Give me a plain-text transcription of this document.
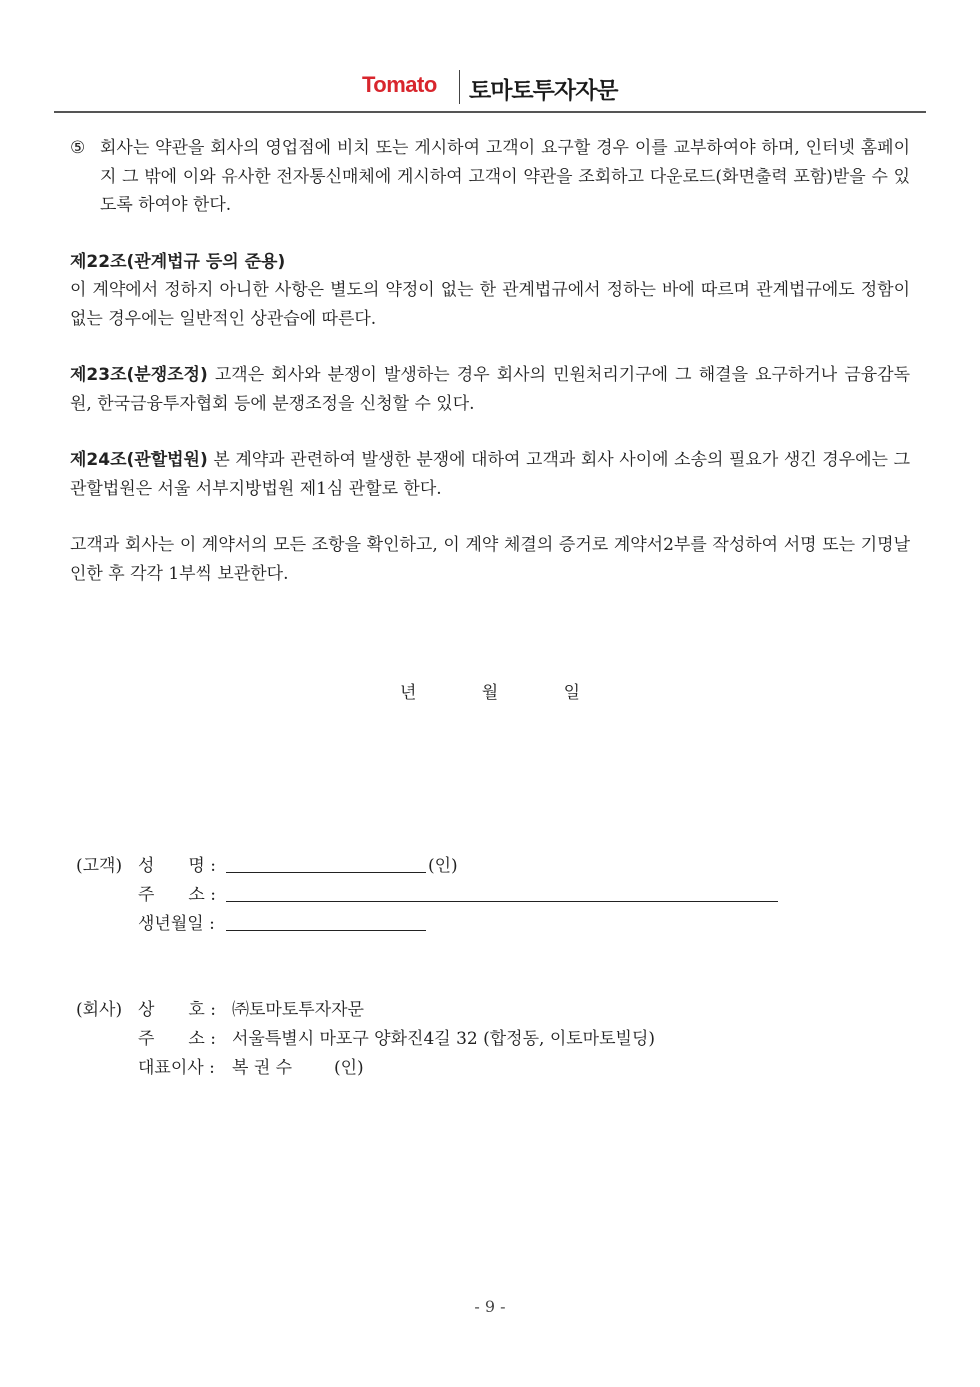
Tomato 토마토투자자문

⑤ 회사는 약관을 회사의 영업점에 비치 또는 게시하여 고객이 요구할 경우 이를 교부하여야 하며, 인터넷 홈페이지 그 밖에 이와 유사한 전자통신매체에 게시하여 고객이 약관을 조회하고 다운로드(화면출력 포함)받을 수 있도록 하여야 한다.

제22조(관계법규 등의 준용)

이 계약에서 정하지 아니한 사항은 별도의 약정이 없는 한 관계법규에서 정하는 바에 따르며 관계법규에도 정함이 없는 경우에는 일반적인 상관습에 따른다.

제23조(분쟁조정) 고객은 회사와 분쟁이 발생하는 경우 회사의 민원처리기구에 그 해결을 요구하거나 금융감독원, 한국금융투자협회 등에 분쟁조정을 신청할 수 있다.

제24조(관할법원) 본 계약과 관련하여 발생한 분쟁에 대하여 고객과 회사 사이에 소송의 필요가 생긴 경우에는 그 관할법원은 서울 서부지방법원 제1심 관할로 한다.

고객과 회사는 이 계약서의 모든 조항을 확인하고, 이 계약 체결의 증거로 계약서2부를 작성하여 서명 또는 기명날인한 후 각각 1부씩 보관한다.

년	월	일
(고객) 성　　명 :	(인)
주　　소 :
생년월일 :
(회사) 상　　호 : ㈜토마토투자자문
주　　소 : 서울특별시 마포구 양화진4길 32 (합정동, 이토마토빌딩)
대표이사 : 복 권 수 (인)
- 9 -
